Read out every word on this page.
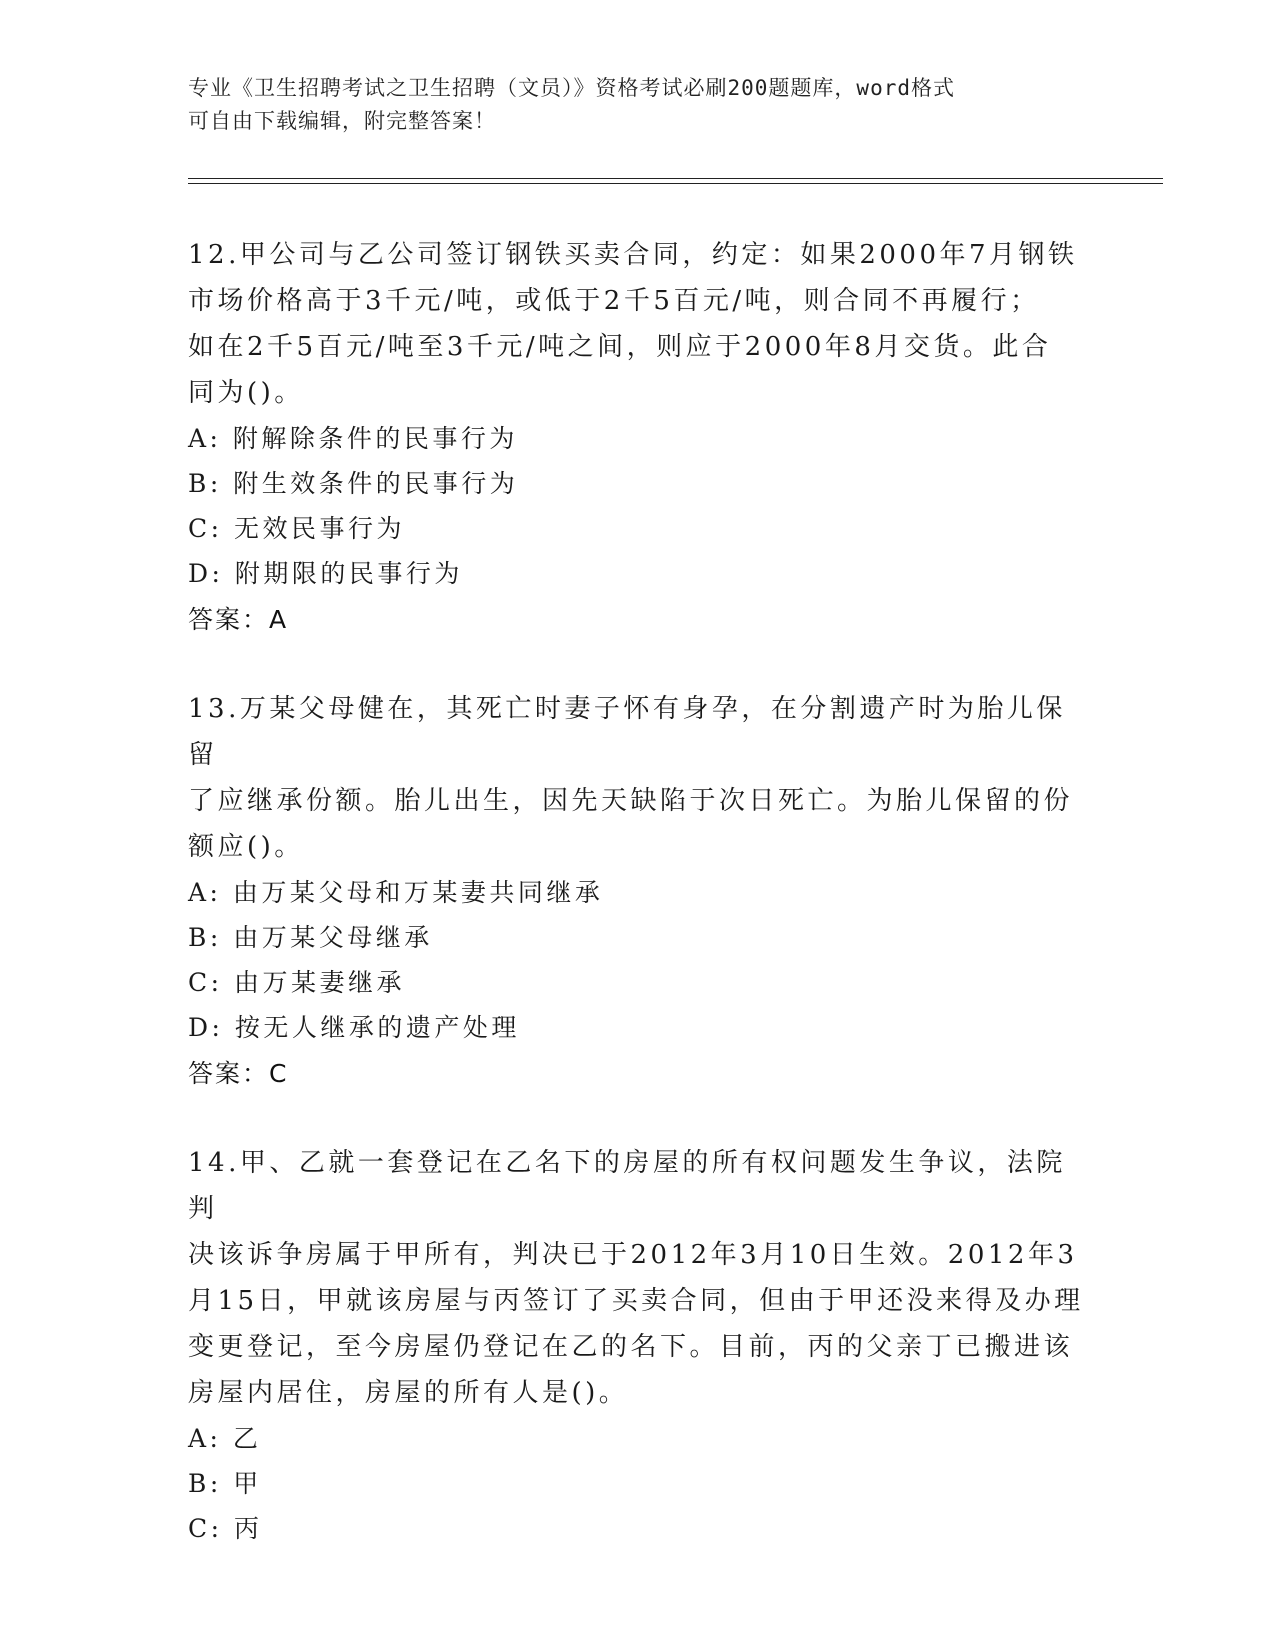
专业《卫生招聘考试之卫生招聘（文员）》资格考试必刷200题题库，word格式
可自由下载编辑，附完整答案！
12.甲公司与乙公司签订钢铁买卖合同，约定：如果2000年7月钢铁
市场价格高于3千元/吨，或低于2千5百元/吨，则合同不再履行；
如在2千5百元/吨至3千元/吨之间，则应于2000年8月交货。此合
同为()。
A: 附解除条件的民事行为
B: 附生效条件的民事行为
C: 无效民事行为
D: 附期限的民事行为
答案：A
13.万某父母健在，其死亡时妻子怀有身孕，在分割遗产时为胎儿保留
了应继承份额。胎儿出生，因先天缺陷于次日死亡。为胎儿保留的份
额应()。
A: 由万某父母和万某妻共同继承
B: 由万某父母继承
C: 由万某妻继承
D: 按无人继承的遗产处理
答案：C
14.甲、乙就一套登记在乙名下的房屋的所有权问题发生争议，法院判
决该诉争房属于甲所有，判决已于2012年3月10日生效。2012年3
月15日，甲就该房屋与丙签订了买卖合同，但由于甲还没来得及办理
变更登记，至今房屋仍登记在乙的名下。目前，丙的父亲丁已搬进该
房屋内居住，房屋的所有人是()。
A: 乙
B: 甲
C: 丙
